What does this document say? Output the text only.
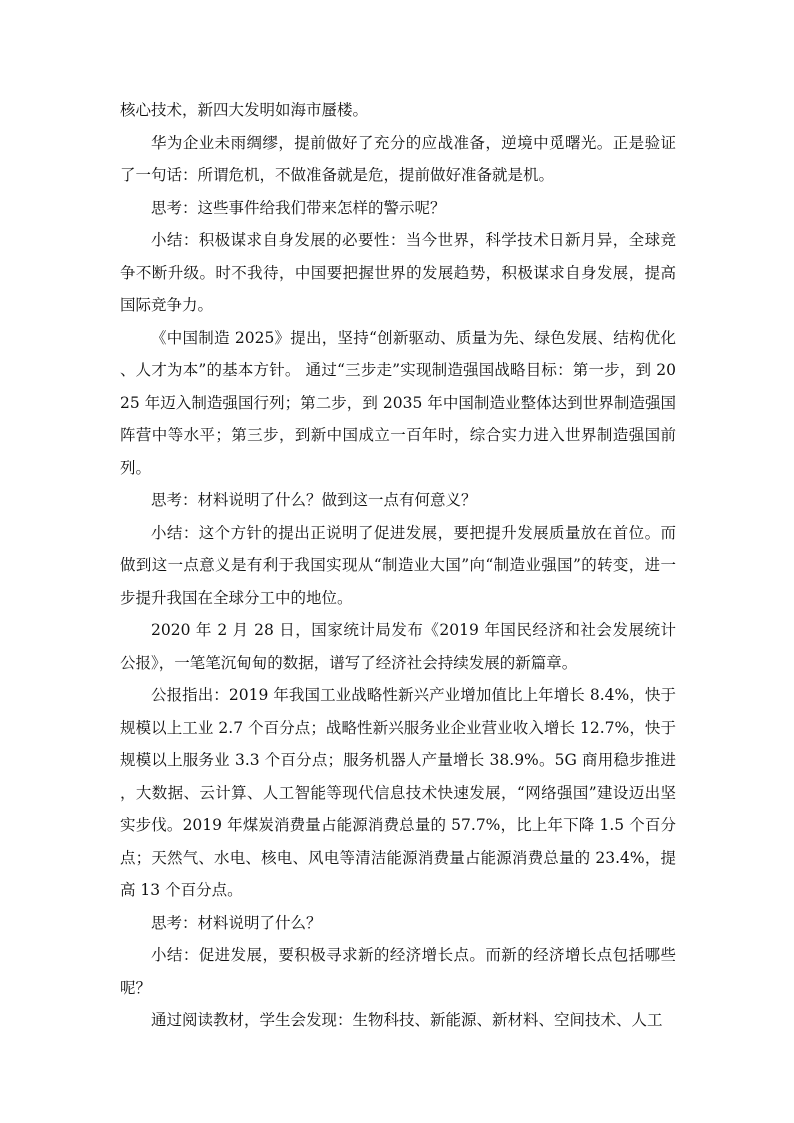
核心技术，新四大发明如海市蜃楼。

华为企业未雨绸缪，提前做好了充分的应战准备，逆境中觅曙光。正是验证了一句话：所谓危机，不做准备就是危，提前做好准备就是机。

思考：这些事件给我们带来怎样的警示呢？

小结：积极谋求自身发展的必要性：当今世界，科学技术日新月异，全球竞争不断升级。时不我待，中国要把握世界的发展趋势，积极谋求自身发展，提高国际竞争力。

《中国制造 2025》提出，坚持“创新驱动、质量为先、绿色发展、结构优化、人才为本”的基本方针。 通过“三步走”实现制造强国战略目标：第一步，到 2025 年迈入制造强国行列；第二步，到 2035 年中国制造业整体达到世界制造强国阵营中等水平；第三步，到新中国成立一百年时，综合实力进入世界制造强国前列。

思考：材料说明了什么？做到这一点有何意义？

小结：这个方针的提出正说明了促进发展，要把提升发展质量放在首位。而做到这一点意义是有利于我国实现从“制造业大国”向“制造业强国”的转变，进一步提升我国在全球分工中的地位。

2020 年 2 月 28 日，国家统计局发布《2019 年国民经济和社会发展统计公报》，一笔笔沉甸甸的数据，谱写了经济社会持续发展的新篇章。

公报指出：2019 年我国工业战略性新兴产业增加值比上年增长 8.4%，快于规模以上工业 2.7 个百分点；战略性新兴服务业企业营业收入增长 12.7%，快于规模以上服务业 3.3 个百分点；服务机器人产量增长 38.9%。5G 商用稳步推进，大数据、云计算、人工智能等现代信息技术快速发展，“网络强国”建设迈出坚实步伐。2019 年煤炭消费量占能源消费总量的 57.7%，比上年下降 1.5 个百分点；天然气、水电、核电、风电等清洁能源消费量占能源消费总量的 23.4%，提高 13 个百分点。

思考：材料说明了什么？

小结：促进发展，要积极寻求新的经济增长点。而新的经济增长点包括哪些呢？

通过阅读教材，学生会发现：生物科技、新能源、新材料、空间技术、人工
